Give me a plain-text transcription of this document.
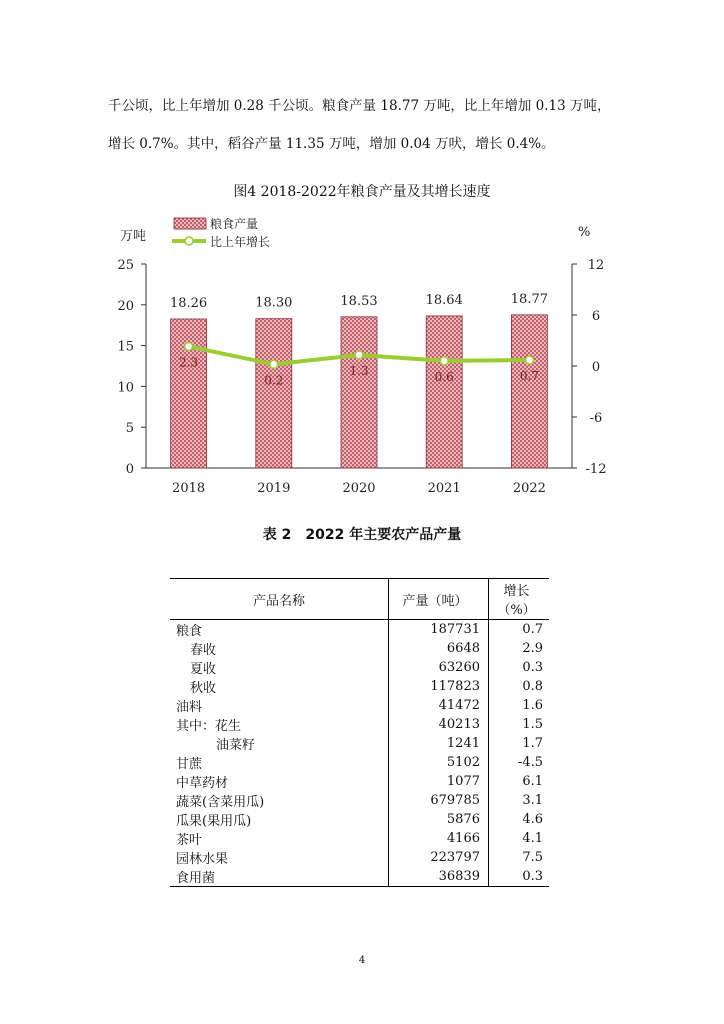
千公顷，比上年增加 0.28 千公顷。粮食产量 18.77 万吨，比上年增加 0.13 万吨，

增长 0.7%。其中，稻谷产量 11.35 万吨，增加 0.04 万吠，增长 0.4%。

图4 2018-2022年粮食产量及其增长速度
0
5
10
15
20
25
-12
-6
0
6
12
万吨	%
粮食产量
比上年增长
18.26
2018
18.30
2019
18.53
2020
18.64
2021
18.77
2022
2.3
0.2
1.3	0.6	0.7
表 2　2022 年主要农产品产量
产品名称	产量（吨）	增长（%）
粮食	187731	0.7
春收	6648	2.9
夏收	63260	0.3
秋收	117823	0.8
油料	41472	1.6
其中：花生	40213	1.5
油菜籽	1241	1.7
甘蔗	5102	-4.5
中草药材	1077	6.1
蔬菜(含菜用瓜)	679785	3.1
瓜果(果用瓜)	5876	4.6
茶叶	4166	4.1
园林水果	223797	7.5
食用菌	36839	0.3
4
